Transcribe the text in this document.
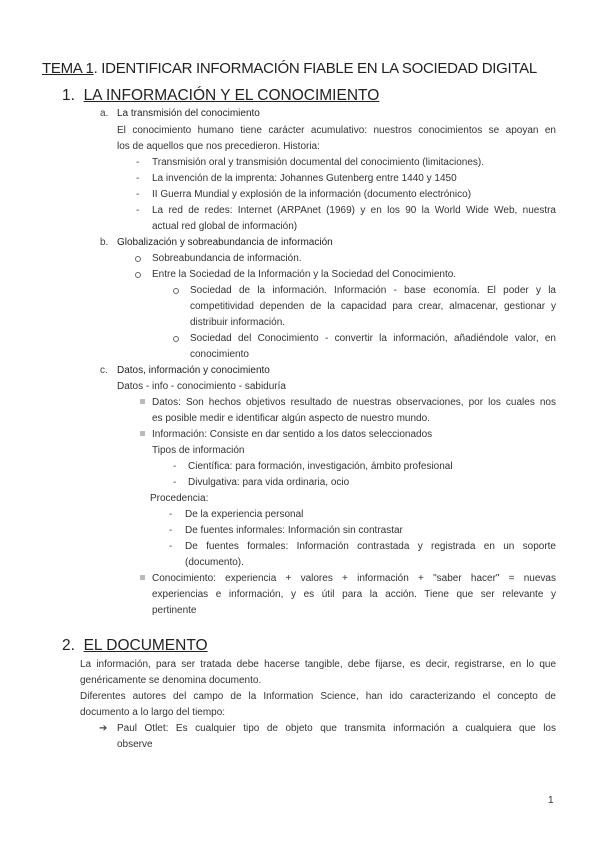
TEMA 1. IDENTIFICAR INFORMACIÓN FIABLE EN LA SOCIEDAD DIGITAL
1. LA INFORMACIÓN Y EL CONOCIMIENTO
a. La transmisión del conocimiento
El conocimiento humano tiene carácter acumulativo: nuestros conocimientos se apoyan en
los de aquellos que nos precedieron. Historia:
- Transmisión oral y transmisión documental del conocimiento (limitaciones).
- La invención de la imprenta: Johannes Gutenberg entre 1440 y 1450
- II Guerra Mundial y explosión de la información (documento electrónico)
- La red de redes: Internet (ARPAnet (1969) y en los 90 la World Wide Web, nuestra
actual red global de información)
b. Globalización y sobreabundancia de información
Sobreabundancia de información.
Entre la Sociedad de la Información y la Sociedad del Conocimiento.
Sociedad de la información. Información - base economía. El poder y la
competitividad dependen de la capacidad para crear, almacenar, gestionar y
distribuir información.
Sociedad del Conocimiento - convertir la información, añadiéndole valor, en
conocimiento
c. Datos, información y conocimiento
Datos - info - conocimiento - sabiduría
Datos: Son hechos objetivos resultado de nuestras observaciones, por los cuales nos
es posible medir e identificar algún aspecto de nuestro mundo.
Información: Consiste en dar sentido a los datos seleccionados
Tipos de información
- Científica: para formación, investigación, ámbito profesional
- Divulgativa: para vida ordinaria, ocio
Procedencia:
- De la experiencia personal
- De fuentes informales: Información sin contrastar
- De fuentes formales: Información contrastada y registrada en un soporte
(documento).
Conocimiento: experiencia + valores + información + "saber hacer" = nuevas
experiencias e información, y es útil para la acción. Tiene que ser relevante y
pertinente
2. EL DOCUMENTO
La información, para ser tratada debe hacerse tangible, debe fijarse, es decir, registrarse, en lo que
genéricamente se denomina documento.
Diferentes autores del campo de la Information Science, han ido caracterizando el concepto de
documento a lo largo del tiempo:
➔ Paul Otlet: Es cualquier tipo de objeto que transmita información a cualquiera que los
observe
1
